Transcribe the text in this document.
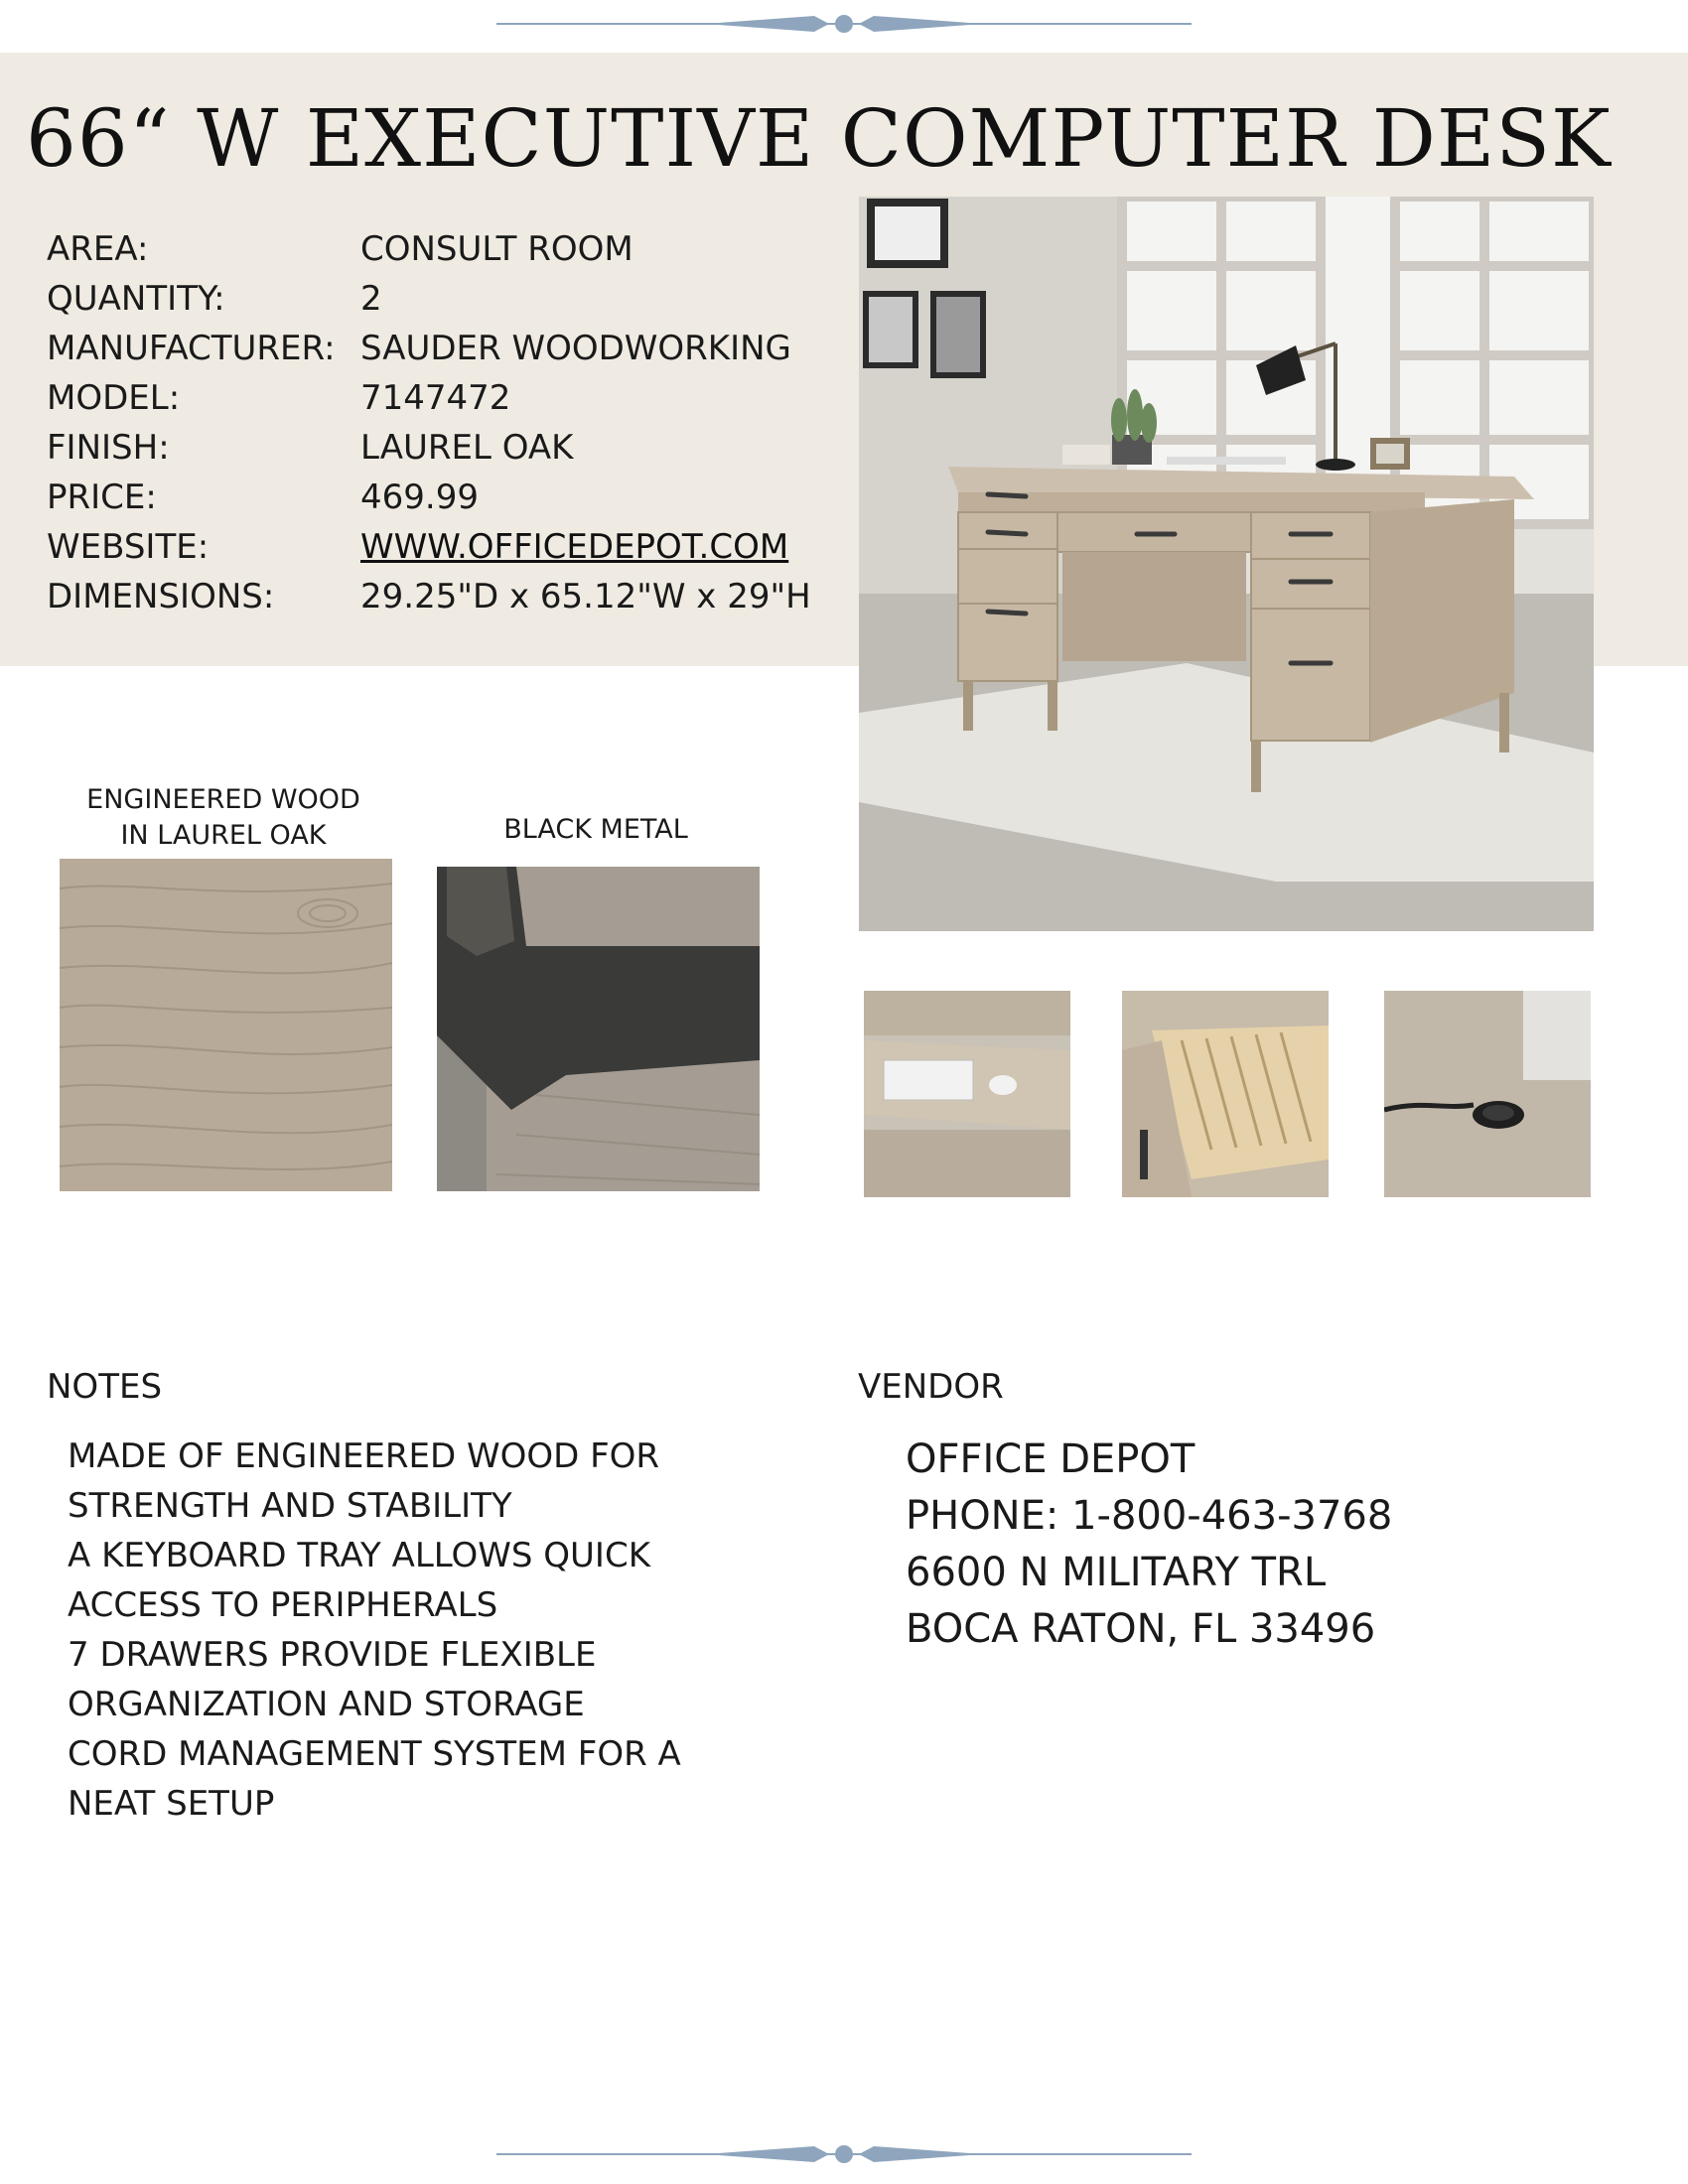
66“ W EXECUTIVE COMPUTER DESK
AREA:	CONSULT ROOM
QUANTITY:	2
MANUFACTURER: SAUDER WOODWORKING
MODEL:	7147472
FINISH:	LAUREL OAK
PRICE:	469.99
WEBSITE:	WWW.OFFICEDEPOT.COM
DIMENSIONS:	29.25"D x 65.12"W x 29"H
ENGINEERED WOOD
IN LAUREL OAK	BLACK METAL
NOTES
MADE OF ENGINEERED WOOD FOR
STRENGTH AND STABILITY
A KEYBOARD TRAY ALLOWS QUICK
ACCESS TO PERIPHERALS
7 DRAWERS PROVIDE FLEXIBLE
ORGANIZATION AND STORAGE
CORD MANAGEMENT SYSTEM FOR A
NEAT SETUP
VENDOR
OFFICE DEPOT
PHONE: 1-800-463-3768
6600 N MILITARY TRL
BOCA RATON, FL 33496
